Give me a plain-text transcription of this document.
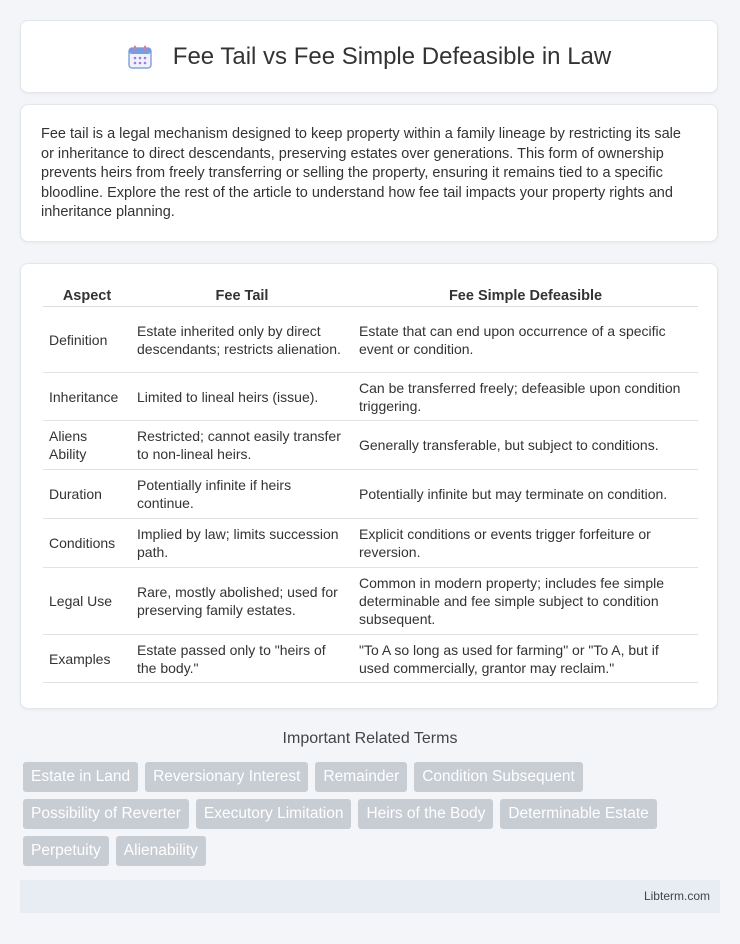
Fee Tail vs Fee Simple Defeasible in Law

Fee tail is a legal mechanism designed to keep property within a family lineage by restricting its sale or inheritance to direct descendants, preserving estates over generations. This form of ownership prevents heirs from freely transferring or selling the property, ensuring it remains tied to a specific bloodline. Explore the rest of the article to understand how fee tail impacts your property rights and inheritance planning.

Aspect	Fee Tail	Fee Simple Defeasible
Definition	Estate inherited only by direct descendants; restricts alienation.	Estate that can end upon occurrence of a specific event or condition.
Inheritance	Limited to lineal heirs (issue).	Can be transferred freely; defeasible upon condition triggering.
Aliens Ability	Restricted; cannot easily transfer to non-lineal heirs.	Generally transferable, but subject to conditions.
Duration	Potentially infinite if heirs continue.	Potentially infinite but may terminate on condition.
Conditions	Implied by law; limits succession path.	Explicit conditions or events trigger forfeiture or reversion.
Legal Use	Rare, mostly abolished; used for preserving family estates.	Common in modern property; includes fee simple determinable and fee simple subject to condition subsequent.
Examples	Estate passed only to "heirs of the body."	"To A so long as used for farming" or "To A, but if used commercially, grantor may reclaim."
Important Related Terms
Estate in Land	Reversionary Interest	Remainder	Condition Subsequent
Possibility of Reverter	Executory Limitation	Heirs of the Body	Determinable Estate
Perpetuity	Alienability
Libterm.com
